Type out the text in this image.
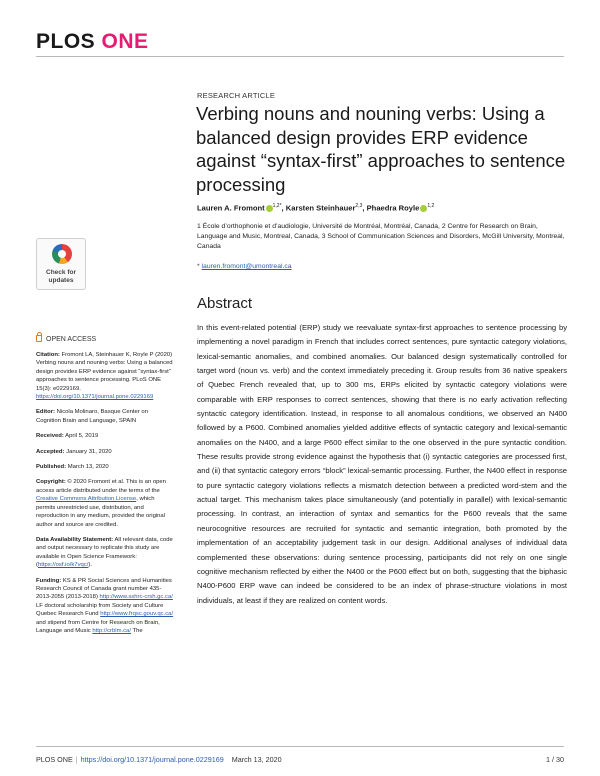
PLOS ONE
RESEARCH ARTICLE
Verbing nouns and nouning verbs: Using a balanced design provides ERP evidence against “syntax-first” approaches to sentence processing
Lauren A. Fromont $^{1,2*}$, Karsten Steinhauer$^{2,3}$, Phaedra Royle $^{1,2}$
1 École d’orthophonie et d’audiologie, Université de Montréal, Montréal, Canada, 2 Centre for Research on Brain, Language and Music, Montreal, Canada, 3 School of Communication Sciences and Disorders, McGill University, Montreal, Canada
* lauren.fromont@umontreal.ca
Check for
updates
OPEN ACCESS
Citation: Fromont LA, Steinhauer K, Royle P (2020) Verbing nouns and nouning verbs: Using a balanced design provides ERP evidence against “syntax-first” approaches to sentence processing. PLoS ONE 15(3): e0229169. https://doi.org/10.1371/journal.pone.0229169
Editor: Nicola Molinaro, Basque Center on Cognition Brain and Language, SPAIN
Received: April 5, 2019
Accepted: January 31, 2020
Published: March 13, 2020
Copyright: © 2020 Fromont et al. This is an open access article distributed under the terms of the Creative Commons Attribution License, which permits unrestricted use, distribution, and reproduction in any medium, provided the original author and source are credited.
Data Availability Statement: All relevant data, code and output necessary to replicate this study are available in Open Science Framework: (https://osf.io/k7vqc/).
Funding: KS & PR Social Sciences and Humanities Research Council of Canada grant number 435-2013-2055 (2013-2018) http://www.sshrc-crsh.gc.ca/ LF doctoral scholarship from Society and Culture Quebec Research Fund http://www.frqsc.gouv.qc.ca/ and stipend from Centre for Research on Brain, Language and Music http://crblm.ca/ The
Abstract
In this event-related potential (ERP) study we reevaluate syntax-first approaches to sentence processing by implementing a novel paradigm in French that includes correct sentences, pure syntactic category violations, lexical-semantic anomalies, and combined anomalies. Our balanced design systematically controlled for target word (noun vs. verb) and the context immediately preceding it. Group results from 36 native speakers of Quebec French revealed that, up to 300 ms, ERPs elicited by syntactic category violations were comparable with ERP responses to correct sentences, showing that there is no early activation reflecting syntactic category identification. Instead, in response to all anomalous conditions, we observed an N400 followed by a P600. Combined anomalies yielded additive effects of syntactic category and lexical-semantic anomalies on the N400, and a large P600 effect similar to the one observed in the pure syntactic condition. These results provide strong evidence against the hypothesis that (i) syntactic categories are processed first, and (ii) that syntactic category errors “block” lexical-semantic processing. Further, the N400 effect in response to pure syntactic category violations reflects a mismatch detection between a predicted word-stem and the actual target. This mechanism takes place simultaneously (and potentially in parallel) with lexical-semantic processing. In contrast, an interaction of syntax and semantics for the P600 reveals that the same neurocognitive resources are recruited for syntactic and semantic integration, both promoted by the implementation of an acceptability judgement task in our design. Additional analyses of individual data complemented these observations: during sentence processing, participants did not rely on one single cognitive mechanism reflected by either the N400 or the P600 effect but on both, suggesting that the biphasic N400-P600 ERP wave can indeed be considered to be an index of phrase-structure violations in most individuals, at least if they are realized on content words.
PLOS ONE | https://doi.org/10.1371/journal.pone.0229169 March 13, 2020	1 / 30
